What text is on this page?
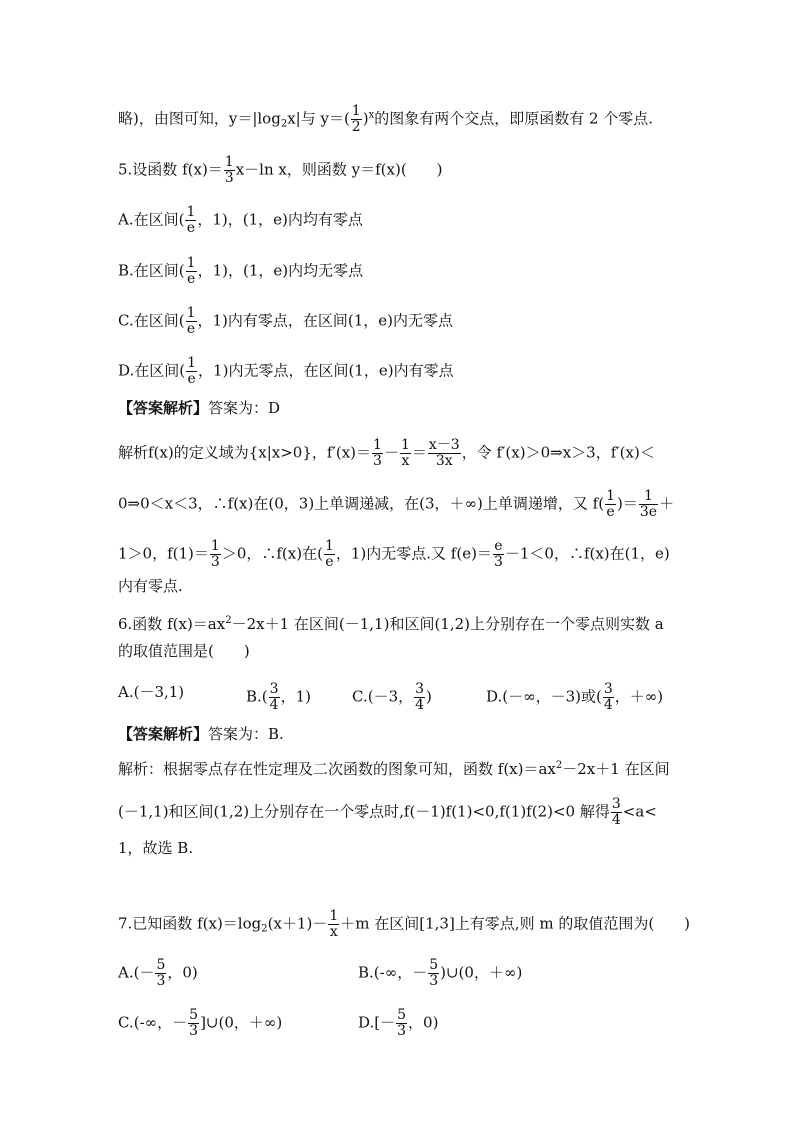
略)，由图可知，$y=|\log_2x|$与 $y=( \frac{1}{2} )^x$的图象有两个交点，即原函数有 2 个零点.
5.设函数 $f(x)= \frac{1}{3} x-\ln$ x，则函数 y＝f(x)(　　)
A.在区间( $\frac{1}{e}$ ，1)，(1，e)内均有零点
B.在区间( $\frac{1}{e}$ ，1)，(1，e)内均无零点
C.在区间( $\frac{1}{e}$ ，1)内有零点，在区间(1，e)内无零点
D.在区间( $\frac{1}{e}$ ，1)内无零点，在区间(1，e)内有零点
【答案解析】答案为：D
解析f(x)的定义域为{x|x>0}，$f'(x)= \frac{1}{3} - \frac{1}{x} = \frac{x-3}{3x}$ ，令 f′(x)＞0⇒x＞3，f′(x)＜
0⇒0＜x＜3，∴f(x)在(0，3)上单调递减，在(3，＋∞)上单调递增，又 $f( \frac{1}{e}$ )＝ $\frac{1}{3e}$ ＋
1＞0，$f(1)= \frac{1}{3} >0$，∴f(x)在( $\frac{1}{e}$ ，1)内无零点.又 $f(e)= \frac{e}{3} -1<0$，∴f(x)在(1，e)
内有零点.
6.函数 $f(x)=ax^2-2x+1$ 在区间(－1,1)和区间(1,2)上分别存在一个零点则实数 a
的取值范围是(　　)
A.(－3,1)	$B.( \frac{3}{4}$ ，1)	C.(－3， $\frac{3}{4}$ )	D.(－∞，－3)或( $\frac{3}{4}$ ，＋∞)
【答案解析】答案为：B.
解析：根据零点存在性定理及二次函数的图象可知，函数 $f(x)=ax^2-2x+1$ 在区间
(－1,1)和区间(1,2)上分别存在一个零点时,f(－1)f(1)<0,f(1)f(2)<0 解得 $\frac{3}{4} <a<$
1，故选 B.
7.已知函数 $f(x)=\log_2(x+1)- \frac{1}{x} +m$ 在区间[1,3]上有零点,则 m 的取值范围为(　　)
$A.(- \frac{5}{3}$ ，0)	B.(-∞，－ $\frac{5}{3}$ )∪(0，＋∞)
C.(-∞，－ $\frac{5}{3}$ ]∪(0，＋∞)	$D.[- \frac{5}{3}$ ，0)
